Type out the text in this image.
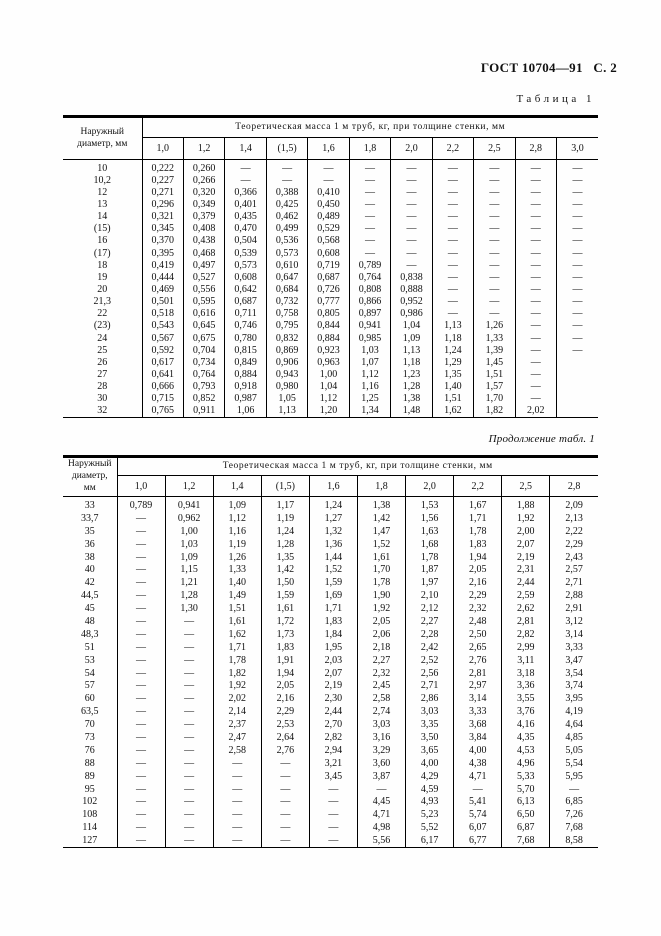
ГОСТ 10704—91   С. 2
Таблица 1
Наружный
диаметр, мм	Теоретическая масса 1 м труб, кг, при толщине стенки, мм										
	1,0	1,2	1,4	(1,5)	1,6	1,8	2,0	2,2	2,5	2,8	3,0
10	0,222	0,260	—	—	—	—	—	—	—	—	—
10,2	0,227	0,266	—	—	—	—	—	—	—	—	—
12	0,271	0,320	0,366	0,388	0,410	—	—	—	—	—	—
13	0,296	0,349	0,401	0,425	0,450	—	—	—	—	—	—
14	0,321	0,379	0,435	0,462	0,489	—	—	—	—	—	—
(15)	0,345	0,408	0,470	0,499	0,529	—	—	—	—	—	—
16	0,370	0,438	0,504	0,536	0,568	—	—	—	—	—	—
(17)	0,395	0,468	0,539	0,573	0,608	—	—	—	—	—	—
18	0,419	0,497	0,573	0,610	0,719	0,789	—	—	—	—	—
19	0,444	0,527	0,608	0,647	0,687	0,764	0,838	—	—	—	—
20	0,469	0,556	0,642	0,684	0,726	0,808	0,888	—	—	—	—
21,3	0,501	0,595	0,687	0,732	0,777	0,866	0,952	—	—	—	—
22	0,518	0,616	0,711	0,758	0,805	0,897	0,986	—	—	—	—
(23)	0,543	0,645	0,746	0,795	0,844	0,941	1,04	1,13	1,26	—	—
24	0,567	0,675	0,780	0,832	0,884	0,985	1,09	1,18	1,33	—	—
25	0,592	0,704	0,815	0,869	0,923	1,03	1,13	1,24	1,39	—	—
26	0,617	0,734	0,849	0,906	0,963	1,07	1,18	1,29	1,45	—	
27	0,641	0,764	0,884	0,943	1,00	1,12	1,23	1,35	1,51	—	
28	0,666	0,793	0,918	0,980	1,04	1,16	1,28	1,40	1,57	—	
30	0,715	0,852	0,987	1,05	1,12	1,25	1,38	1,51	1,70	—	
32	0,765	0,911	1,06	1,13	1,20	1,34	1,48	1,62	1,82	2,02	
Продолжение табл. 1
Наружный
диаметр,
мм	Теоретическая масса 1 м труб, кг, при толщине стенки, мм									
	1,0	1,2	1,4	(1,5)	1,6	1,8	2,0	2,2	2,5	2,8
33	0,789	0,941	1,09	1,17	1,24	1,38	1,53	1,67	1,88	2,09
33,7	—	0,962	1,12	1,19	1,27	1,42	1,56	1,71	1,92	2,13
35	—	1,00	1,16	1,24	1,32	1,47	1,63	1,78	2,00	2,22
36	—	1,03	1,19	1,28	1,36	1,52	1,68	1,83	2,07	2,29
38	—	1,09	1,26	1,35	1,44	1,61	1,78	1,94	2,19	2,43
40	—	1,15	1,33	1,42	1,52	1,70	1,87	2,05	2,31	2,57
42	—	1,21	1,40	1,50	1,59	1,78	1,97	2,16	2,44	2,71
44,5	—	1,28	1,49	1,59	1,69	1,90	2,10	2,29	2,59	2,88
45	—	1,30	1,51	1,61	1,71	1,92	2,12	2,32	2,62	2,91
48	—	—	1,61	1,72	1,83	2,05	2,27	2,48	2,81	3,12
48,3	—	—	1,62	1,73	1,84	2,06	2,28	2,50	2,82	3,14
51	—	—	1,71	1,83	1,95	2,18	2,42	2,65	2,99	3,33
53	—	—	1,78	1,91	2,03	2,27	2,52	2,76	3,11	3,47
54	—	—	1,82	1,94	2,07	2,32	2,56	2,81	3,18	3,54
57	—	—	1,92	2,05	2,19	2,45	2,71	2,97	3,36	3,74
60	—	—	2,02	2,16	2,30	2,58	2,86	3,14	3,55	3,95
63,5	—	—	2,14	2,29	2,44	2,74	3,03	3,33	3,76	4,19
70	—	—	2,37	2,53	2,70	3,03	3,35	3,68	4,16	4,64
73	—	—	2,47	2,64	2,82	3,16	3,50	3,84	4,35	4,85
76	—	—	2,58	2,76	2,94	3,29	3,65	4,00	4,53	5,05
88	—	—	—	—	3,21	3,60	4,00	4,38	4,96	5,54
89	—	—	—	—	3,45	3,87	4,29	4,71	5,33	5,95
95	—	—	—	—	—	—	4,59	—	5,70	—
102	—	—	—	—	—	4,45	4,93	5,41	6,13	6,85
108	—	—	—	—	—	4,71	5,23	5,74	6,50	7,26
114	—	—	—	—	—	4,98	5,52	6,07	6,87	7,68
127	—	—	—	—	—	5,56	6,17	6,77	7,68	8,58
